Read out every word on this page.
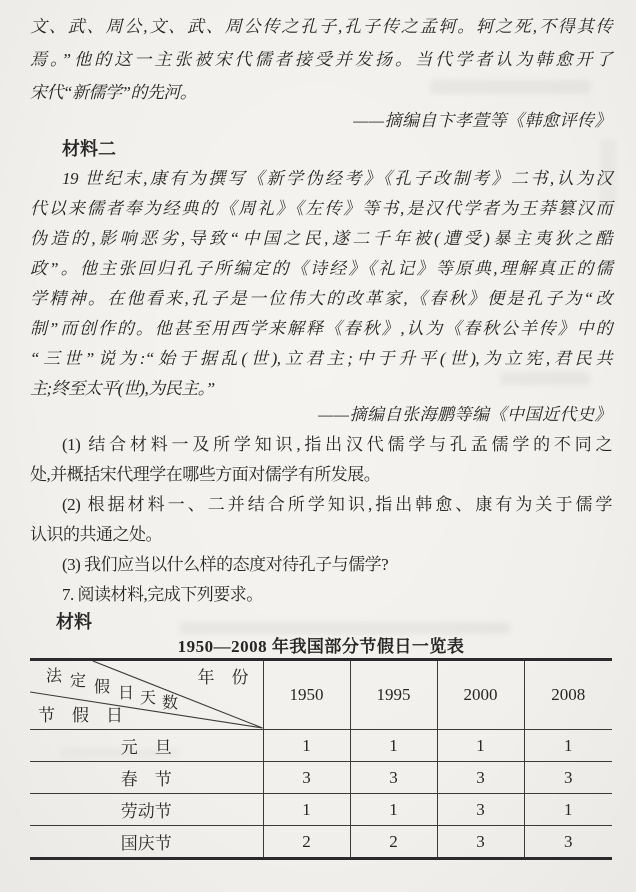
文、武、周公,文、武、周公传之孔子,孔子传之孟轲。轲之死,不得其传
焉。”他的这一主张被宋代儒者接受并发扬。当代学者认为韩愈开了
宋代“新儒学”的先河。
——摘编自卞孝萱等《韩愈评传》
材料二
19 世纪末,康有为撰写《新学伪经考》《孔子改制考》二书,认为汉
代以来儒者奉为经典的《周礼》《左传》等书,是汉代学者为王莽篡汉而
伪造的,影响恶劣,导致“中国之民,遂二千年被(遭受)暴主夷狄之酷
政”。他主张回归孔子所编定的《诗经》《礼记》等原典,理解真正的儒
学精神。在他看来,孔子是一位伟大的改革家,《春秋》便是孔子为“改
制”而创作的。他甚至用西学来解释《春秋》,认为《春秋公羊传》中的
“三世”说为:“始于据乱(世),立君主;中于升平(世),为立宪,君民共
主;终至太平(世),为民主。”
——摘编自张海鹏等编《中国近代史》
(1) 结合材料一及所学知识,指出汉代儒学与孔孟儒学的不同之
处,并概括宋代理学在哪些方面对儒学有所发展。
(2) 根据材料一、二并结合所学知识,指出韩愈、康有为关于儒学
认识的共通之处。
(3) 我们应当以什么样的态度对待孔子与儒学?
7. 阅读材料,完成下列要求。
材料
1950—2008 年我国部分节假日一览表
年　份
法 定 假 日 天 数
节　假　日
	1950	1995	2000	2008
元　旦	1	1	1	1
春　节	3	3	3	3
劳动节	1	1	3	1
国庆节	2	2	3	3
